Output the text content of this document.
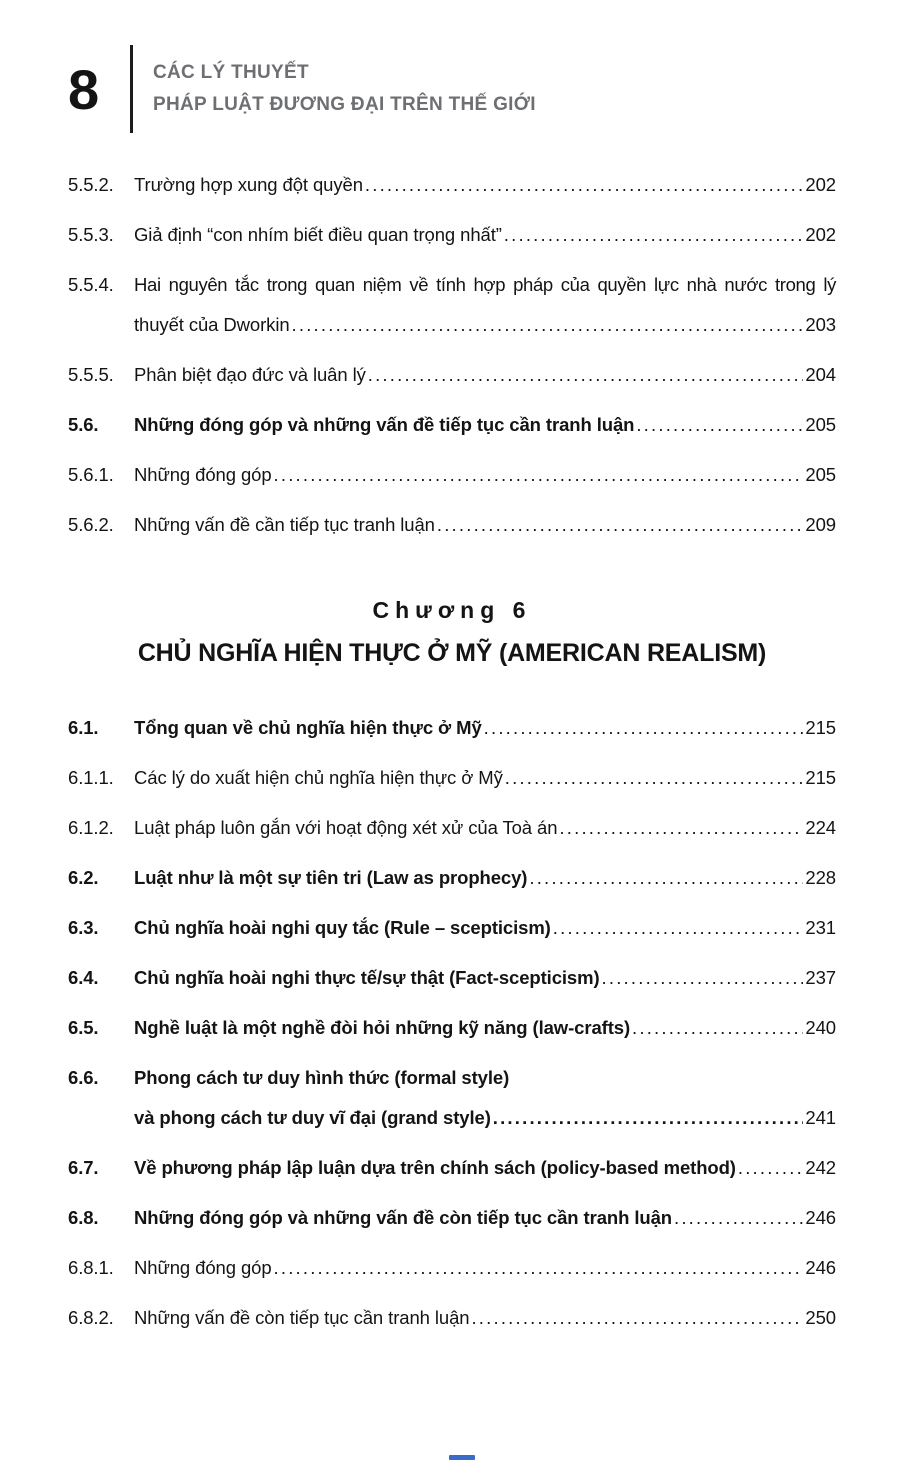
8	CÁC LÝ THUYẾT
PHÁP LUẬT ĐƯƠNG ĐẠI TRÊN THẾ GIỚI
5.5.2.	Trường hợp xung đột quyền .....	202
5.5.3.	Giả định “con nhím biết điều quan trọng nhất” .....	202
5.5.4.	Hai nguyên tắc trong quan niệm về tính hợp pháp của quyền lực nhà nước trong lý
thuyết của Dworkin .....	203
5.5.5.	Phân biệt đạo đức và luân lý .....	204
5.6.	Những đóng góp và những vấn đề tiếp tục cần tranh luận .....	205
5.6.1.	Những đóng góp .....	205
5.6.2.	Những vấn đề cần tiếp tục tranh luận .....	209
Chương 6
CHỦ NGHĨA HIỆN THỰC Ở MỸ (AMERICAN REALISM)
6.1.	Tổng quan về chủ nghĩa hiện thực ở Mỹ .....	215
6.1.1.	Các lý do xuất hiện chủ nghĩa hiện thực ở Mỹ .....	215
6.1.2.	Luật pháp luôn gắn với hoạt động xét xử của Toà án .....	224
6.2.	Luật như là một sự tiên tri (Law as prophecy) .....	228
6.3.	Chủ nghĩa hoài nghi quy tắc (Rule – scepticism) .....	231
6.4.	Chủ nghĩa hoài nghi thực tế/sự thật (Fact-scepticism) .....	237
6.5.	Nghề luật là một nghề đòi hỏi những kỹ năng (law-crafts) .....	240
6.6.	Phong cách tư duy hình thức (formal style)
và phong cách tư duy vĩ đại (grand style) .....	241
6.7.	Về phương pháp lập luận dựa trên chính sách (policy-based method) .....	242
6.8.	Những đóng góp và những vấn đề còn tiếp tục cần tranh luận .....	246
6.8.1.	Những đóng góp .....	246
6.8.2.	Những vấn đề còn tiếp tục cần tranh luận .....	250
